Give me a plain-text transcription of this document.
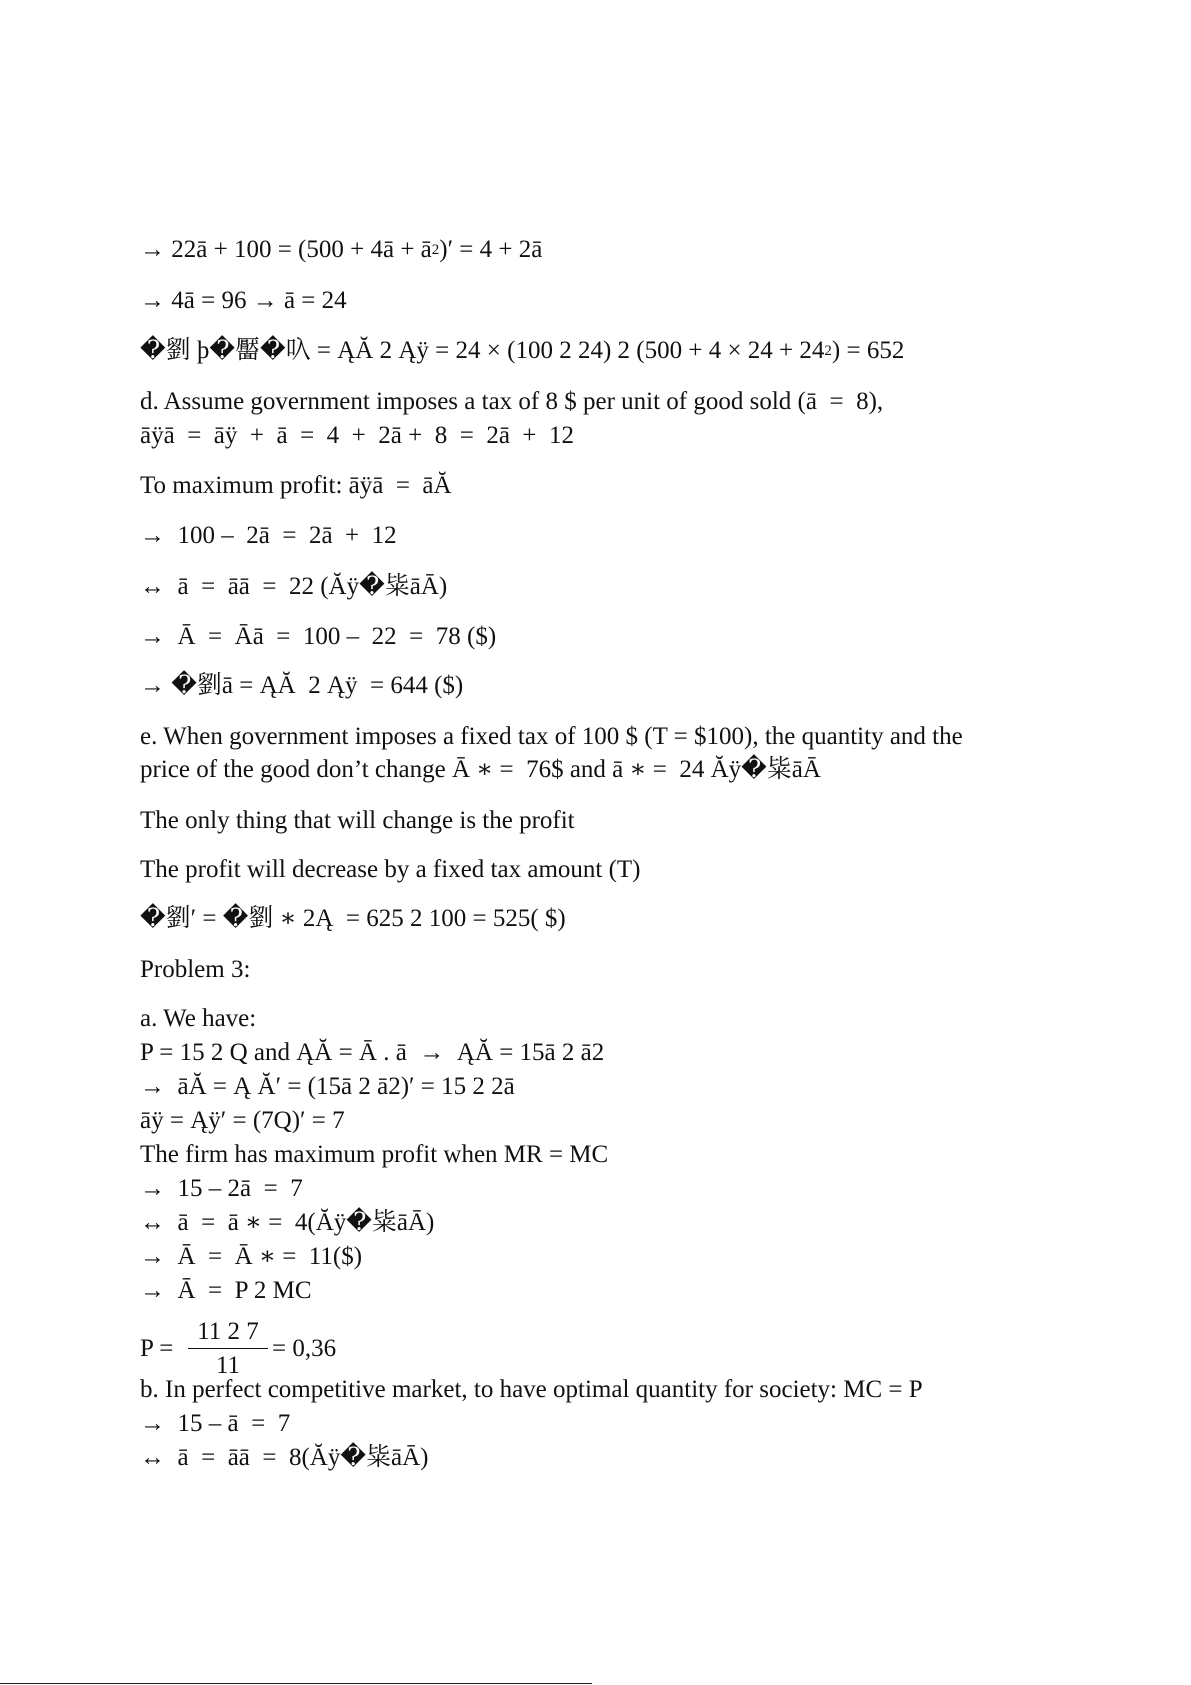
→ 22ā + 100 = (500 + 4ā + $ā^2)' = 4$ + 2ā
→ 4ā = 96 → ā = 24
�劉 þ�靨�叺 = ĄĂ 2 Ąÿ = 24 × (100 2 24) 2 $(500 + 4 \times 24 + 24^2) = 652$
d. Assume government imposes a tax of 8 $ per unit of good sold (ā  =  8),
āÿā  =  āÿ  +  ā  =  4  +  2ā +  8  =  2ā  +  12
To maximum profit: āÿā  =  āĂ
→  100 –  2ā  =  2ā  +  12
↔  ā  =  āā  =  22 (Ăÿ�粊āĀ)
→  Ā  =  Āā  =  100 –  22  =  78 ($)
→ �劉ā = ĄĂ  2 Ąÿ  = 644 ($)
e. When government imposes a fixed tax of 100 $ (T = $100), the quantity and the
price of the good don’t change Ā ∗ =  76$ and ā ∗ =  24 Ăÿ�粊āĀ
The only thing that will change is the profit
The profit will decrease by a fixed tax amount (T)
�劉′ = �劉 ∗ 2Ą  = 625 2 100 = 525( $)
Problem 3:
a. We have:
P = 15 2 Q and ĄĂ = Ā . ā  →  ĄĂ = 15ā 2 ā2
→  āĂ = Ą Ă′ = (15ā 2 ā2)′ = 15 2 2ā
āÿ = Ąÿ′ = (7Q)′ = 7
The firm has maximum profit when MR = MC
→  15 – 2ā  =  7
↔  ā  =  ā ∗ =  4(Ăÿ�粊āĀ)
→  Ā  =  Ā ∗ =  11($)
→  Ā  =  P 2 MC
P =
11 2 7
11
= 0,36
b. In perfect competitive market, to have optimal quantity for society: MC = P
→  15 – ā  =  7
↔  ā  =  āā  =  8(Ăÿ�粊āĀ)
